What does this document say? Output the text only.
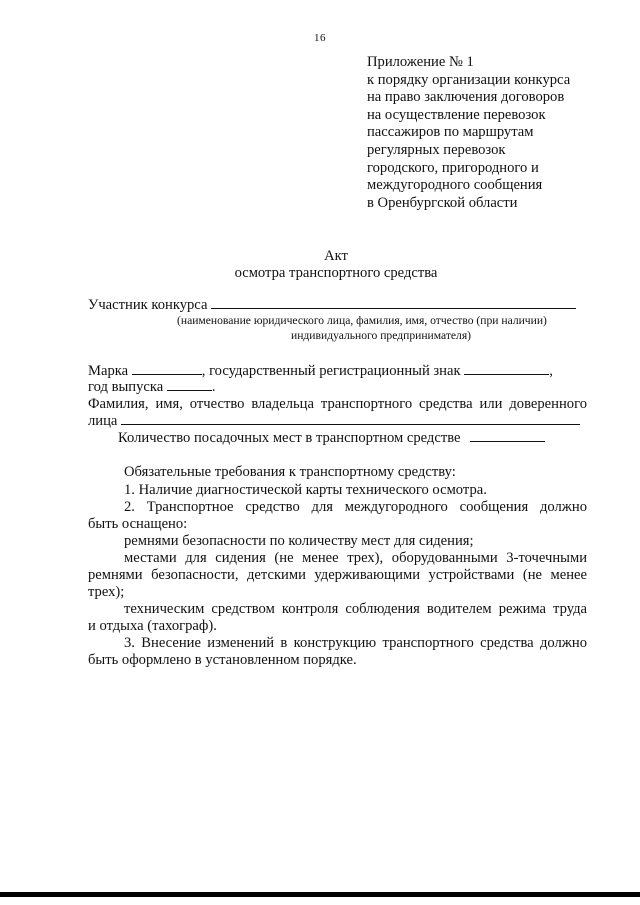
16
Приложение № 1
к порядку организации конкурса
на право заключения договоров
на осуществление перевозок
пассажиров по маршрутам
регулярных перевозок
городского, пригородного и
междугородного сообщения
в Оренбургской области
Акт
осмотра транспортного средства
Участник конкурса
(наименование юридического лица, фамилия, имя, отчество (при наличии)
индивидуального предпринимателя)
Марка	, государственный регистрационный знак	,
год выпуска	.
Фамилия, имя, отчество владельца транспортного средства или доверенного
лица
Количество посадочных мест в транспортном средстве
Обязательные требования к транспортному средству:
1. Наличие диагностической карты технического осмотра.
2. Транспортное средство для междугородного сообщения должно
быть оснащено:
ремнями безопасности по количеству мест для сидения;
местами для сидения (не менее трех), оборудованными 3-точечными
ремнями безопасности, детскими удерживающими устройствами (не менее
трех);
техническим средством контроля соблюдения водителем режима труда
и отдыха (тахограф).
3. Внесение изменений в конструкцию транспортного средства должно
быть оформлено в установленном порядке.
